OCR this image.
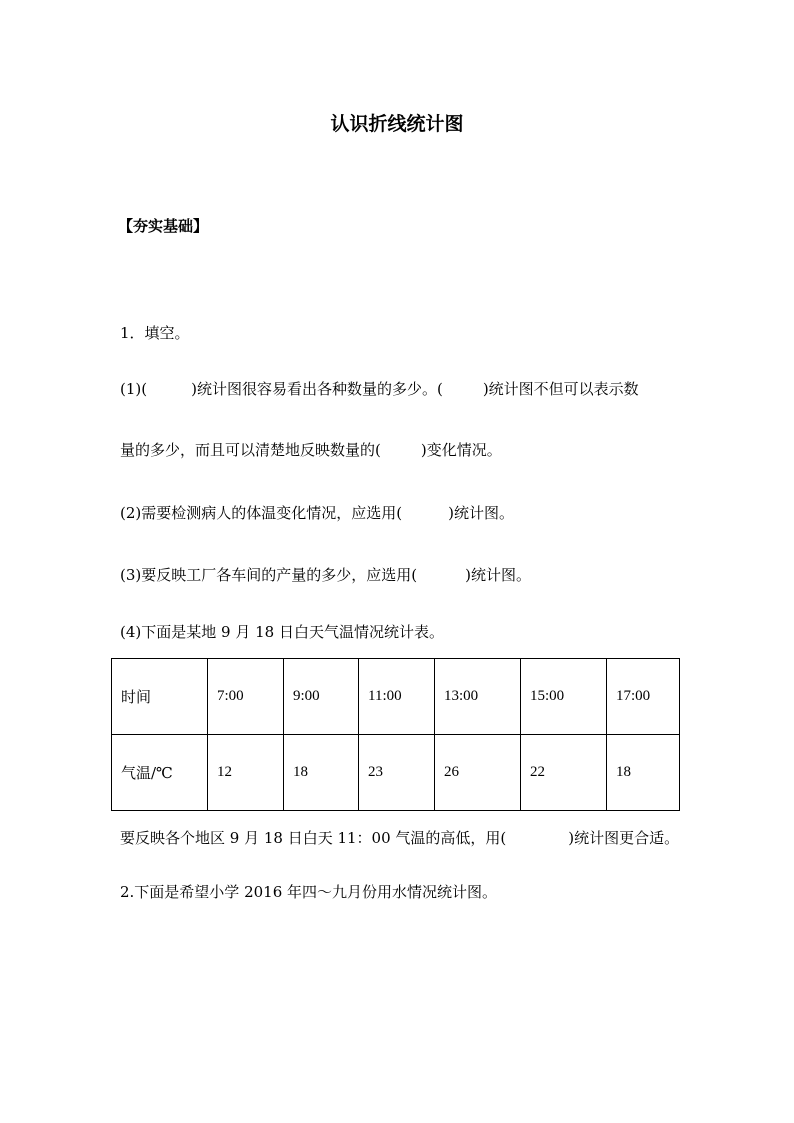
认识折线统计图
【夯实基础】
1．填空。
(1)(	)统计图很容易看出各种数量的多少。(	)统计图不但可以表示数
量的多少，而且可以清楚地反映数量的(	)变化情况。
(2)需要检测病人的体温变化情况，应选用(	)统计图。
(3)要反映工厂各车间的产量的多少，应选用(	)统计图。
(4)下面是某地 9 月 18 日白天气温情况统计表。
时间	7:00	9:00	11:00	13:00	15:00	17:00
气温/℃	12	18	23	26	22	18
要反映各个地区 9 月 18 日白天 11：00 气温的高低，用(	)统计图更合适。
2.下面是希望小学 2016 年四～九月份用水情况统计图。
